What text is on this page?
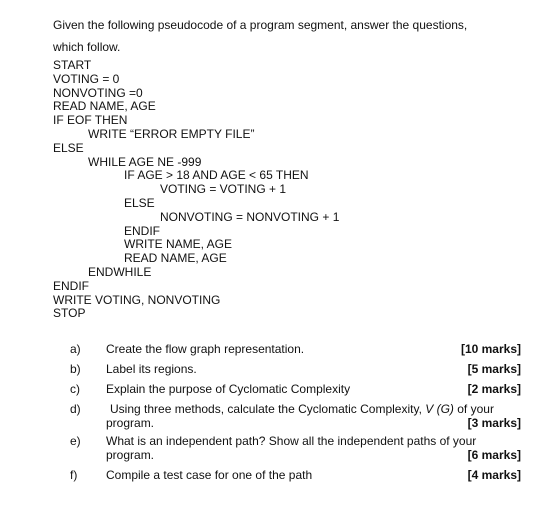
Given the following pseudocode of a program segment, answer the questions,
which follow.
START
VOTING = 0
NONVOTING =0
READ NAME, AGE
IF EOF THEN
WRITE “ERROR EMPTY FILE”
ELSE
WHILE AGE NE -999
IF AGE > 18 AND AGE < 65 THEN
VOTING = VOTING + 1
ELSE
NONVOTING = NONVOTING + 1
ENDIF
WRITE NAME, AGE
READ NAME, AGE
ENDWHILE
ENDIF
WRITE VOTING, NONVOTING
STOP
a) Create the flow graph representation.	[10 marks]
b) Label its regions.	[5 marks]
c) Explain the purpose of Cyclomatic Complexity	[2 marks]
d) Using three methods, calculate the Cyclomatic Complexity, V (G) of your
program.	[3 marks]
e) What is an independent path? Show all the independent paths of your
program.	[6 marks]
f) Compile a test case for one of the path	[4 marks]
